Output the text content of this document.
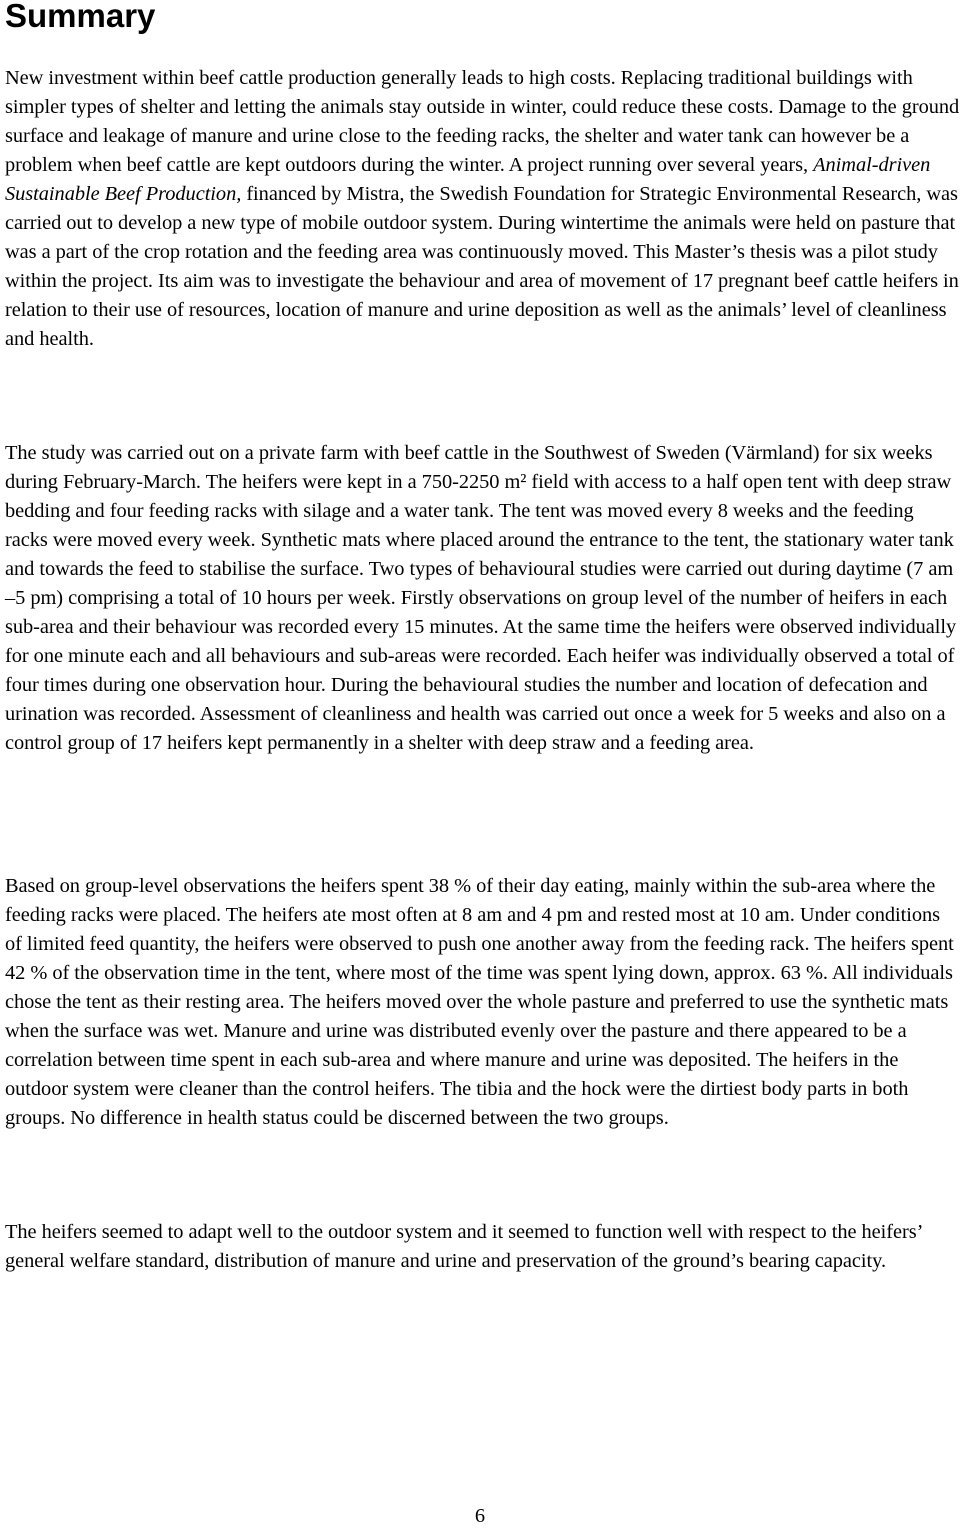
Summary

New investment within beef cattle production generally leads to high costs. Replacing traditional buildings with simpler types of shelter and letting the animals stay outside in winter, could reduce these costs. Damage to the ground surface and leakage of manure and urine close to the feeding racks, the shelter and water tank can however be a problem when beef cattle are kept outdoors during the winter. A project running over several years, Animal-driven Sustainable Beef Production, financed by Mistra, the Swedish Foundation for Strategic Environmental Research, was carried out to develop a new type of mobile outdoor system. During wintertime the animals were held on pasture that was a part of the crop rotation and the feeding area was continuously moved. This Master’s thesis was a pilot study within the project. Its aim was to investigate the behaviour and area of movement of 17 pregnant beef cattle heifers in relation to their use of resources, location of manure and urine deposition as well as the animals’ level of cleanliness and health.

The study was carried out on a private farm with beef cattle in the Southwest of Sweden (Värmland) for six weeks during February-March. The heifers were kept in a 750-2250 m² field with access to a half open tent with deep straw bedding and four feeding racks with silage and a water tank. The tent was moved every 8 weeks and the feeding racks were moved every week. Synthetic mats where placed around the entrance to the tent, the stationary water tank and towards the feed to stabilise the surface. Two types of behavioural studies were carried out during daytime (7 am –5 pm) comprising a total of 10 hours per week. Firstly observations on group level of the number of heifers in each sub-area and their behaviour was recorded every 15 minutes. At the same time the heifers were observed individually for one minute each and all behaviours and sub-areas were recorded. Each heifer was individually observed a total of four times during one observation hour. During the behavioural studies the number and location of defecation and urination was recorded. Assessment of cleanliness and health was carried out once a week for 5 weeks and also on a control group of 17 heifers kept permanently in a shelter with deep straw and a feeding area.

Based on group-level observations the heifers spent 38 % of their day eating, mainly within the sub-area where the feeding racks were placed. The heifers ate most often at 8 am and 4 pm and rested most at 10 am. Under conditions of limited feed quantity, the heifers were observed to push one another away from the feeding rack. The heifers spent 42 % of the observation time in the tent, where most of the time was spent lying down, approx. 63 %. All individuals chose the tent as their resting area. The heifers moved over the whole pasture and preferred to use the synthetic mats when the surface was wet. Manure and urine was distributed evenly over the pasture and there appeared to be a correlation between time spent in each sub-area and where manure and urine was deposited. The heifers in the outdoor system were cleaner than the control heifers. The tibia and the hock were the dirtiest body parts in both groups. No difference in health status could be discerned between the two groups.

The heifers seemed to adapt well to the outdoor system and it seemed to function well with respect to the heifers’ general welfare standard, distribution of manure and urine and preservation of the ground’s bearing capacity.

6
